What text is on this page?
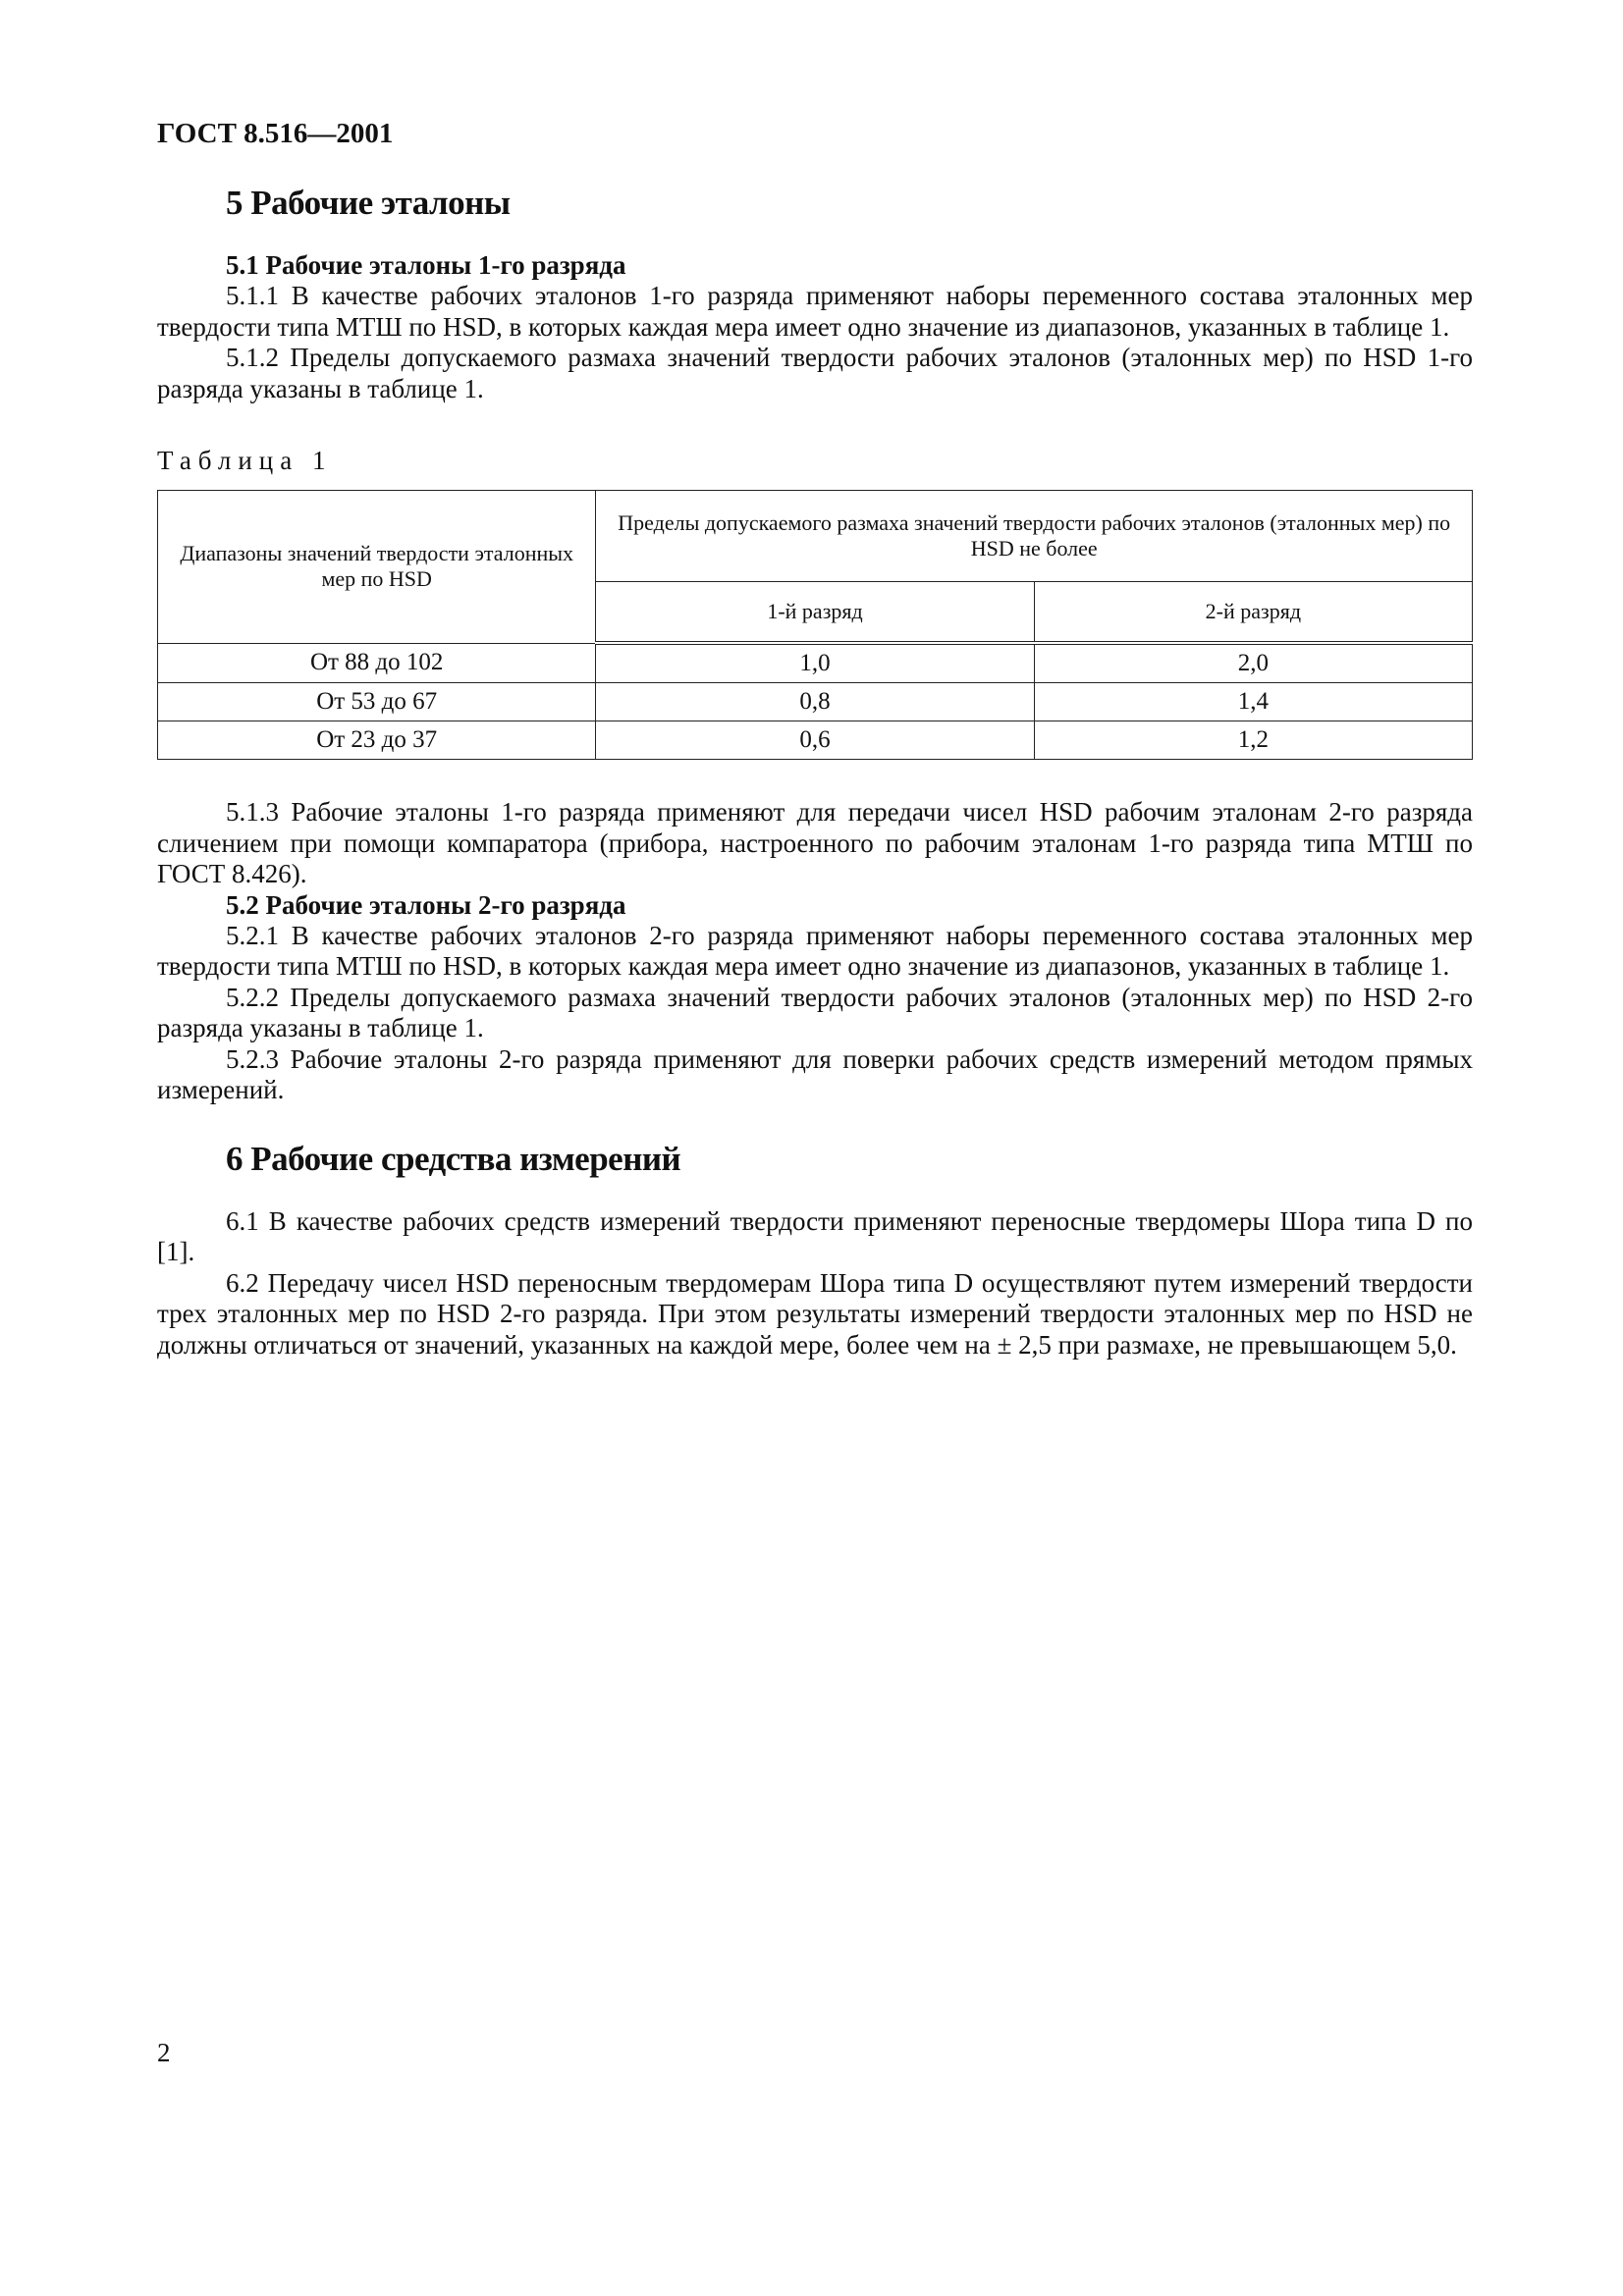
ГОСТ 8.516—2001
5 Рабочие эталоны
5.1 Рабочие эталоны 1-го разряда

5.1.1 В качестве рабочих эталонов 1-го разряда применяют наборы переменного состава эталонных мер твердости типа МТШ по HSD, в которых каждая мера имеет одно значение из диапазонов, указанных в таблице 1.

5.1.2 Пределы допускаемого размаха значений твердости рабочих эталонов (эталонных мер) по HSD 1-го разряда указаны в таблице 1.

Таблица 1
Диапазоны значений твердости эталонных мер по HSD	Пределы допускаемого размаха значений твердости рабочих эталонов (эталонных мер) по HSD не более	
	1-й разряд	2-й разряд
От 88 до 102	1,0	2,0
От 53 до 67	0,8	1,4
От 23 до 37	0,6	1,2

5.1.3 Рабочие эталоны 1-го разряда применяют для передачи чисел HSD рабочим эталонам 2-го разряда сличением при помощи компаратора (прибора, настроенного по рабочим эталонам 1-го разряда типа МТШ по ГОСТ 8.426).

5.2 Рабочие эталоны 2-го разряда

5.2.1 В качестве рабочих эталонов 2-го разряда применяют наборы переменного состава эталонных мер твердости типа МТШ по HSD, в которых каждая мера имеет одно значение из диапазонов, указанных в таблице 1.

5.2.2 Пределы допускаемого размаха значений твердости рабочих эталонов (эталонных мер) по HSD 2-го разряда указаны в таблице 1.

5.2.3 Рабочие эталоны 2-го разряда применяют для поверки рабочих средств измерений методом прямых измерений.

6 Рабочие средства измерений

6.1 В качестве рабочих средств измерений твердости применяют переносные твердомеры Шора типа D по [1].

6.2 Передачу чисел HSD переносным твердомерам Шора типа D осуществляют путем измерений твердости трех эталонных мер по HSD 2-го разряда. При этом результаты измерений твердости эталонных мер по HSD не должны отличаться от значений, указанных на каждой мере, более чем на ± 2,5 при размахе, не превышающем 5,0.

2
